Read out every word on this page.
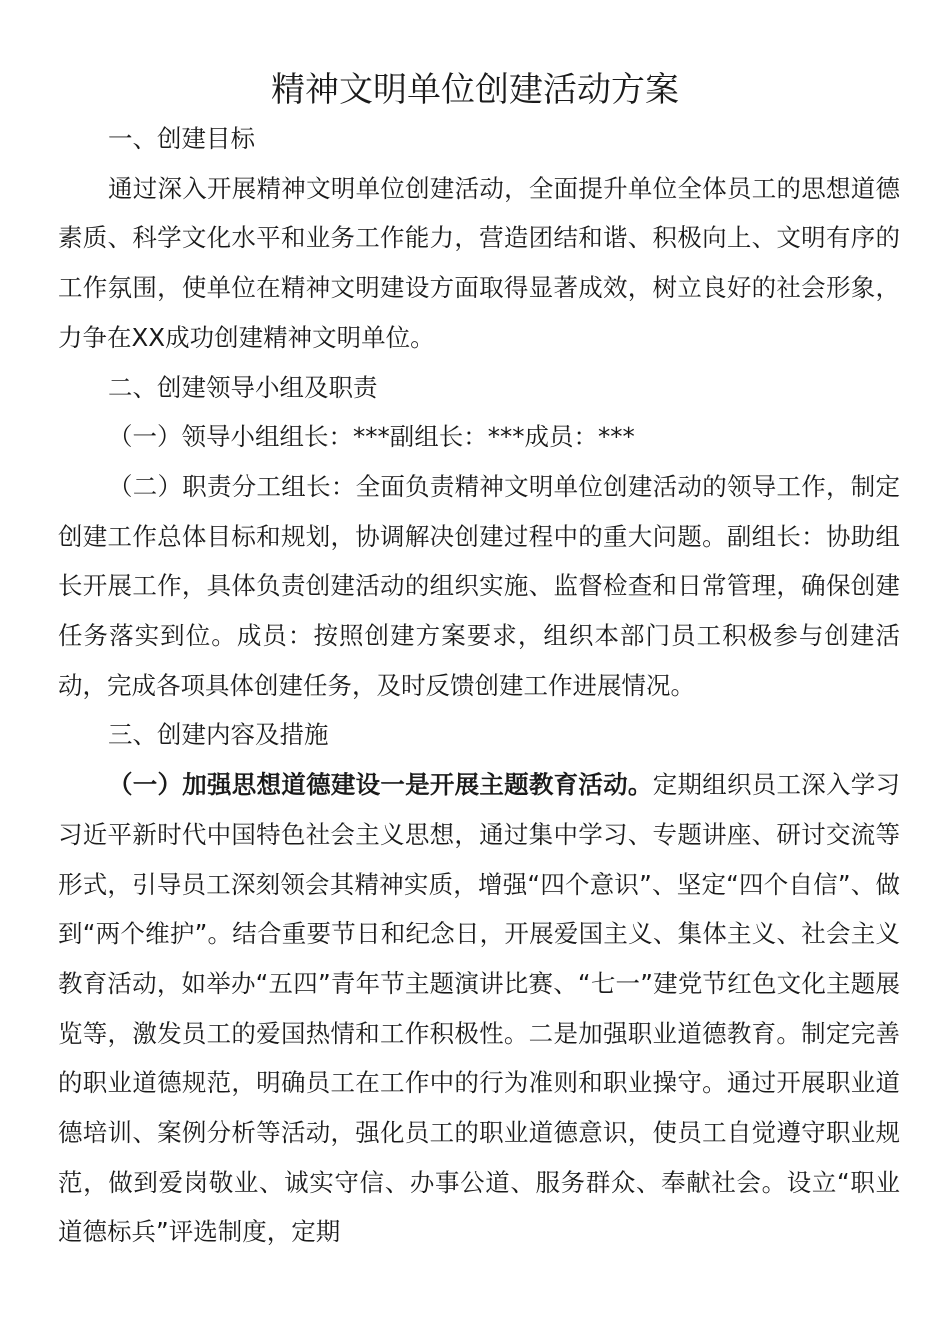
精神文明单位创建活动方案

一、创建目标

通过深入开展精神文明单位创建活动，全面提升单位全体员工的思想道德素质、科学文化水平和业务工作能力，营造团结和谐、积极向上、文明有序的工作氛围，使单位在精神文明建设方面取得显著成效，树立良好的社会形象，力争在XX成功创建精神文明单位。

二、创建领导小组及职责

（一）领导小组组长：***副组长：***成员：***

（二）职责分工组长：全面负责精神文明单位创建活动的领导工作，制定创建工作总体目标和规划，协调解决创建过程中的重大问题。副组长：协助组长开展工作，具体负责创建活动的组织实施、监督检查和日常管理，确保创建任务落实到位。成员：按照创建方案要求，组织本部门员工积极参与创建活动，完成各项具体创建任务，及时反馈创建工作进展情况。

三、创建内容及措施

（一）加强思想道德建设一是开展主题教育活动。定期组织员工深入学习习近平新时代中国特色社会主义思想，通过集中学习、专题讲座、研讨交流等形式，引导员工深刻领会其精神实质，增强“四个意识”、坚定“四个自信”、做到“两个维护”。结合重要节日和纪念日，开展爱国主义、集体主义、社会主义教育活动，如举办“五四”青年节主题演讲比赛、“七一”建党节红色文化主题展览等，激发员工的爱国热情和工作积极性。二是加强职业道德教育。制定完善的职业道德规范，明确员工在工作中的行为准则和职业操守。通过开展职业道德培训、案例分析等活动，强化员工的职业道德意识，使员工自觉遵守职业规范，做到爱岗敬业、诚实守信、办事公道、服务群众、奉献社会。设立“职业道德标兵”评选制度，定期
